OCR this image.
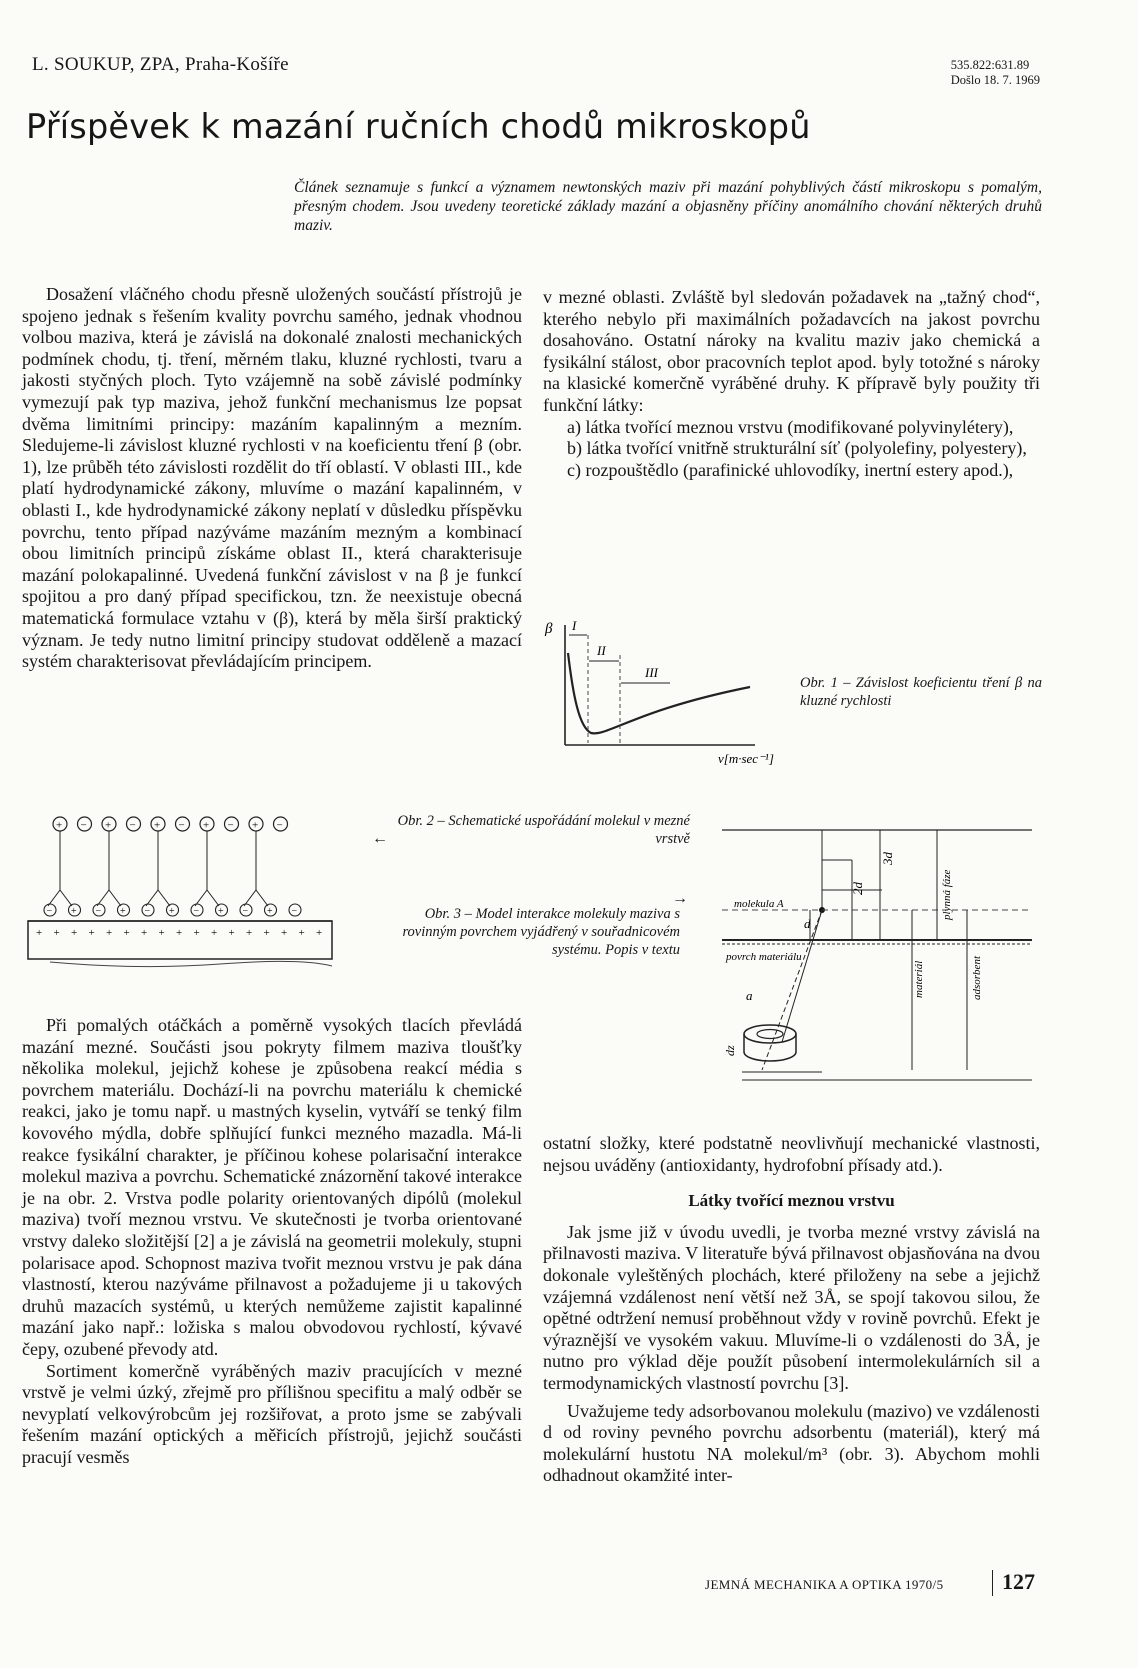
L. SOUKUP, ZPA, Praha-Košíře	535.822:631.89
Došlo 18. 7. 1969
Příspěvek k mazání ručních chodů mikroskopů
Článek seznamuje s funkcí a významem newtonských maziv při mazání pohyblivých částí mikroskopu s pomalým, přesným chodem. Jsou uvedeny teoretické základy mazání a objasněny příčiny anomálního chování některých druhů maziv.

Dosažení vláčného chodu přesně uložených součástí přístrojů je spojeno jednak s řešením kvality povrchu samého, jednak vhodnou volbou maziva, která je závislá na dokonalé znalosti mechanických podmínek chodu, tj. tření, měrném tlaku, kluzné rychlosti, tvaru a jakosti styčných ploch. Tyto vzájemně na sobě závislé podmínky vymezují pak typ maziva, jehož funkční mechanismus lze popsat dvěma limitními principy: mazáním kapalinným a mezním. Sledujeme-li závislost kluzné rychlosti v na koeficientu tření β (obr. 1), lze průběh této závislosti rozdělit do tří oblastí. V oblasti III., kde platí hydrodynamické zákony, mluvíme o mazání kapalinném, v oblasti I., kde hydrodynamické zákony neplatí v důsledku příspěvku povrchu, tento případ nazýváme mazáním mezným a kombinací obou limitních principů získáme oblast II., která charakterisuje mazání polokapalinné. Uvedená funkční závislost v na β je funkcí spojitou a pro daný případ specifickou, tzn. že neexistuje obecná matematická formulace vztahu v (β), která by měla širší praktický význam. Je tedy nutno limitní principy studovat odděleně a mazací systém charakterisovat převládajícím principem.

v mezné oblasti. Zvláště byl sledován požadavek na „tažný chod“, kterého nebylo při maximálních požadavcích na jakost povrchu dosahováno. Ostatní nároky na kvalitu maziv jako chemická a fysikální stálost, obor pracovních teplot apod. byly totožné s nároky na klasické komerčně vyráběné druhy. K přípravě byly použity tři funkční látky:

a) látka tvořící meznou vrstvu (modifikované polyvinylétery),

b) látka tvořící vnitřně strukturální síť (polyolefiny, polyestery),

c) rozpouštědlo (parafinické uhlovodíky, inertní estery apod.),

β I
II
III
v[m·sec⁻¹]
Obr. 1 – Závislost koeficientu tření β na kluzné rychlosti
+ − + − + − + − + −
− + − + − + − + − + −
+ + + + + + + + + + + + + + + + +
Obr. 2 – Schematické uspořádání molekul v mezné vrstvě
←
Obr. 3 – Model interakce molekuly maziva s rovinným povrchem vyjádřený v souřadnicovém systému. Popis v textu
→
2d
3d
molekula A
d
povrch materiálu
a
dz
materiál
plynná fáze
adsorbent

Při pomalých otáčkách a poměrně vysokých tlacích převládá mazání mezné. Součásti jsou pokryty filmem maziva tloušťky několika molekul, jejichž kohese je způsobena reakcí média s povrchem materiálu. Dochází-li na povrchu materiálu k chemické reakci, jako je tomu např. u mastných kyselin, vytváří se tenký film kovového mýdla, dobře splňující funkci mezného mazadla. Má-li reakce fysikální charakter, je příčinou kohese polarisační interakce molekul maziva a povrchu. Schematické znázornění takové interakce je na obr. 2. Vrstva podle polarity orientovaných dipólů (molekul maziva) tvoří meznou vrstvu. Ve skutečnosti je tvorba orientované vrstvy daleko složitější [2] a je závislá na geometrii molekuly, stupni polarisace apod. Schopnost maziva tvořit meznou vrstvu je pak dána vlastností, kterou nazýváme přilnavost a požadujeme ji u takových druhů mazacích systémů, u kterých nemůžeme zajistit kapalinné mazání jako např.: ložiska s malou obvodovou rychlostí, kývavé čepy, ozubené převody atd.

Sortiment komerčně vyráběných maziv pracujících v mezné vrstvě je velmi úzký, zřejmě pro přílišnou specifitu a malý odběr se nevyplatí velkovýrobcům jej rozšiřovat, a proto jsme se zabývali řešením mazání optických a měřicích přístrojů, jejichž součásti pracují vesměs

ostatní složky, které podstatně neovlivňují mechanické vlastnosti, nejsou uváděny (antioxidanty, hydrofobní přísady atd.).

Látky tvořící meznou vrstvu

Jak jsme již v úvodu uvedli, je tvorba mezné vrstvy závislá na přilnavosti maziva. V literatuře bývá přilnavost objasňována na dvou dokonale vyleštěných plochách, které přiloženy na sebe a jejichž vzájemná vzdálenost není větší než 3Å, se spojí takovou silou, že opětné odtržení nemusí proběhnout vždy v rovině povrchů. Efekt je výraznější ve vysokém vakuu. Mluvíme-li o vzdálenosti do 3Å, je nutno pro výklad děje použít působení intermolekulárních sil a termodynamických vlastností povrchu [3].

Uvažujeme tedy adsorbovanou molekulu (mazivo) ve vzdálenosti d od roviny pevného povrchu adsorbentu (materiál), který má molekulární hustotu NA molekul/m³ (obr. 3). Abychom mohli odhadnout okamžité inter-

JEMNÁ MECHANIKA A OPTIKA 1970/5	127
